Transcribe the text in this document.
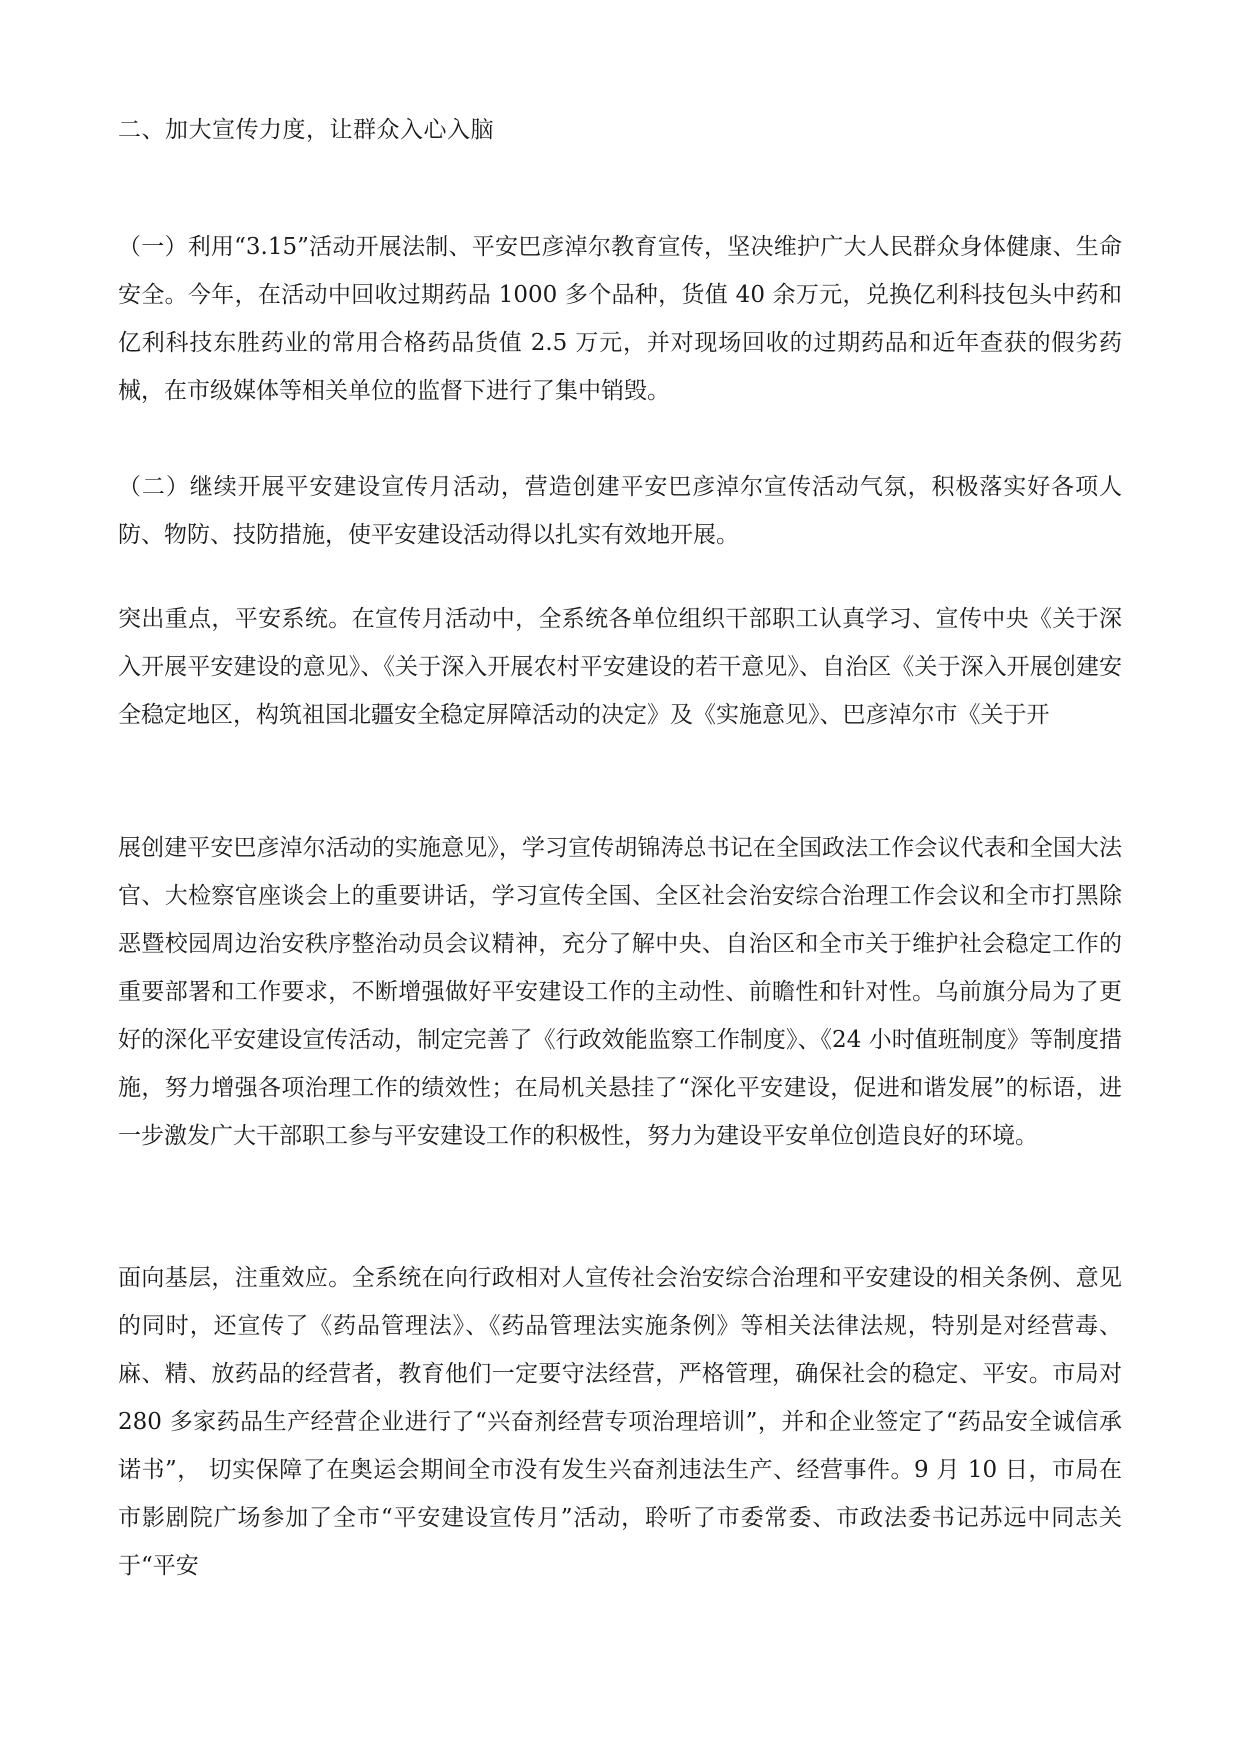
二、加大宣传力度，让群众入心入脑

（一）利用“3.15”活动开展法制、平安巴彦淖尔教育宣传，坚决维护广大人民群众身体健康、生命安全。今年，在活动中回收过期药品 1000 多个品种，货值 40 余万元，兑换亿利科技包头中药和亿利科技东胜药业的常用合格药品货值 2.5 万元，并对现场回收的过期药品和近年查获的假劣药械，在市级媒体等相关单位的监督下进行了集中销毁。

（二）继续开展平安建设宣传月活动，营造创建平安巴彦淖尔宣传活动气氛，积极落实好各项人防、物防、技防措施，使平安建设活动得以扎实有效地开展。

突出重点，平安系统。在宣传月活动中，全系统各单位组织干部职工认真学习、宣传中央《关于深入开展平安建设的意见》、《关于深入开展农村平安建设的若干意见》、自治区《关于深入开展创建安全稳定地区，构筑祖国北疆安全稳定屏障活动的决定》及《实施意见》、巴彦淖尔市《关于开

展创建平安巴彦淖尔活动的实施意见》，学习宣传胡锦涛总书记在全国政法工作会议代表和全国大法官、大检察官座谈会上的重要讲话，学习宣传全国、全区社会治安综合治理工作会议和全市打黑除恶暨校园周边治安秩序整治动员会议精神，充分了解中央、自治区和全市关于维护社会稳定工作的重要部署和工作要求，不断增强做好平安建设工作的主动性、前瞻性和针对性。乌前旗分局为了更好的深化平安建设宣传活动，制定完善了《行政效能监察工作制度》、《24 小时值班制度》等制度措施，努力增强各项治理工作的绩效性；在局机关悬挂了“深化平安建设，促进和谐发展”的标语，进一步激发广大干部职工参与平安建设工作的积极性，努力为建设平安单位创造良好的环境。

面向基层，注重效应。全系统在向行政相对人宣传社会治安综合治理和平安建设的相关条例、意见的同时，还宣传了《药品管理法》、《药品管理法实施条例》等相关法律法规，特别是对经营毒、麻、精、放药品的经营者，教育他们一定要守法经营，严格管理，确保社会的稳定、平安。市局对 280 多家药品生产经营企业进行了“兴奋剂经营专项治理培训”，并和企业签定了“药品安全诚信承诺书”， 切实保障了在奥运会期间全市没有发生兴奋剂违法生产、经营事件。9 月 10 日，市局在市影剧院广场参加了全市“平安建设宣传月”活动，聆听了市委常委、市政法委书记苏远中同志关于“平安
